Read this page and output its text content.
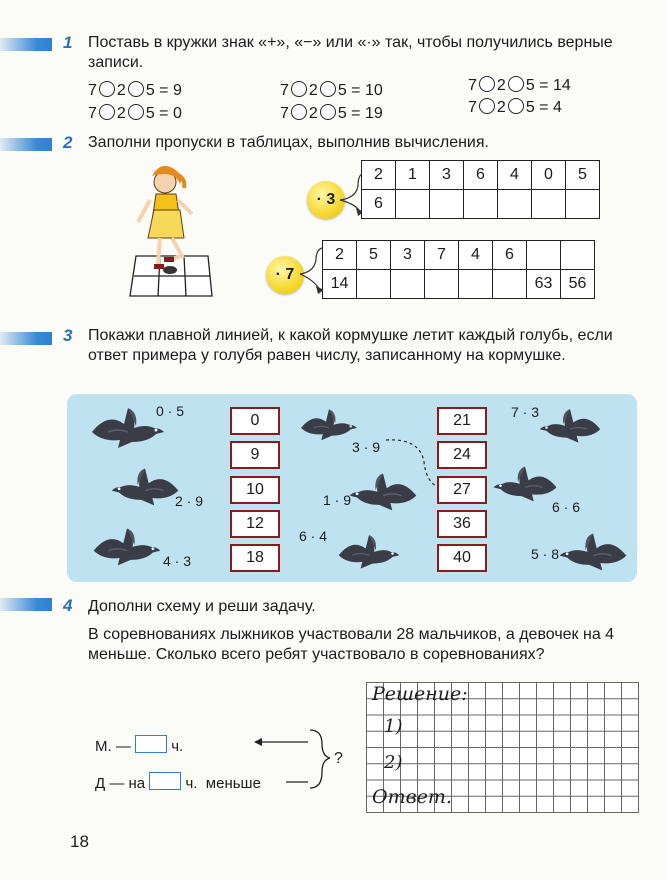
1 Поставь в кружки знак «+», «−» или «·» так, чтобы получились верные записи.
7 2 5 = 9
7 2 5 = 0
7 2 5 = 10
7 2 5 = 19
7 2 5 = 14
7 2 5 = 4
2 Заполни пропуски в таблицах, выполнив вычисления.
· 3
2	1	3	6	4	0	5
6						
· 7
2	5	3	7	4	6		
14						63	56
3 Покажи плавной линией, к какой кормушке летит каждый голубь, если ответ примера у голубя равен числу, записанному на кормушке.
0 · 5
2 · 9
4 · 3
3 · 9
1 · 9
6 · 4
7 · 3
6 · 6
5 · 8
0
9
10
12
18
21
24
27
36
40
4 Дополни схему и реши задачу.
В соревнованиях лыжников участвовали 28 мальчиков, а девочек на 4 меньше. Сколько всего ребят участвовало в соревнованиях?
М. —	ч.
Д — на	ч. меньше
?
Решение:
1)
2)
Ответ.
18
